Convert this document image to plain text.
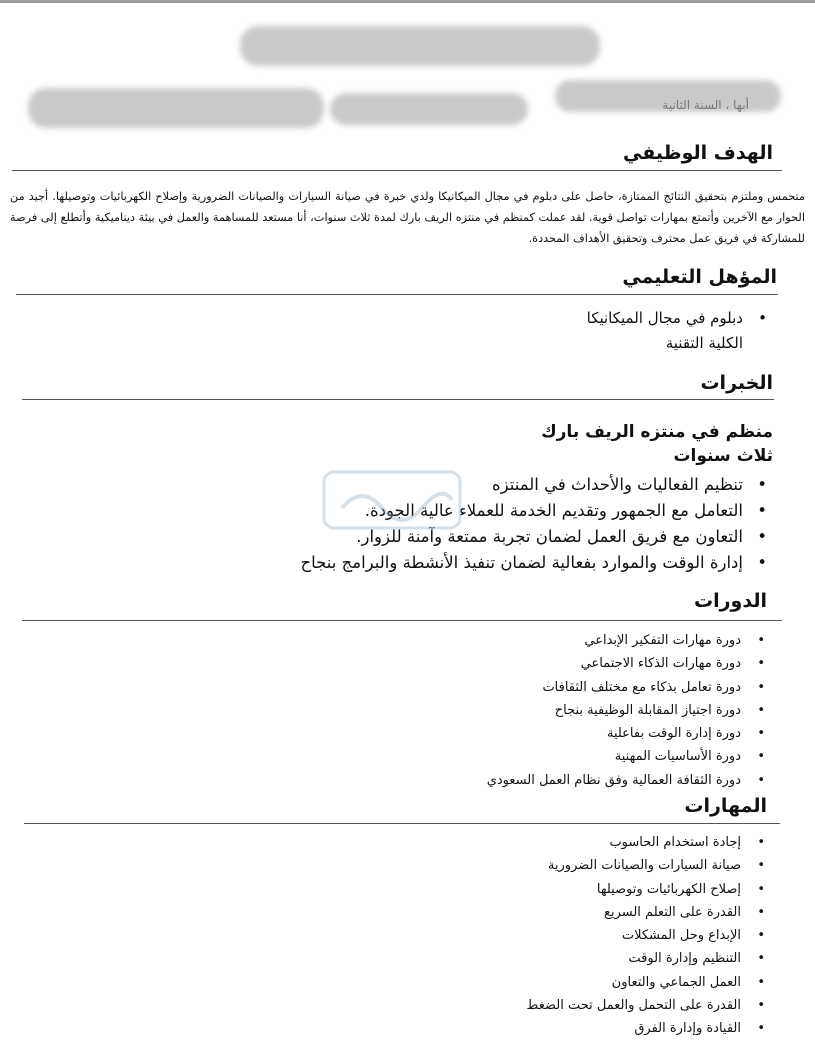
أبها ، السنة الثانية
الهدف الوظيفي

متحمس وملتزم بتحقيق النتائج الممتازة، حاصل على دبلوم في مجال الميكانيكا ولدي خبرة في صيانة السيارات والصيانات الضرورية وإصلاح الكهربائيات وتوصيلها. أجيد من الحوار مع الآخرين وأتمتع بمهارات تواصل قوية. لقد عملت كمنظم في منتزه الريف بارك لمدة ثلاث سنوات، أنا مستعد للمساهمة والعمل في بيئة ديناميكية وأتطلع إلى فرصة للمشاركة في فريق عمل محترف وتحقيق الأهداف المحددة.

المؤهل التعليمي
•
دبلوم في مجال الميكانيكا
الكلية التقنية
الخبرات
منظم في منتزه الريف بارك
ثلاث سنوات
•
تنظيم الفعاليات والأحداث في المنتزه
•
التعامل مع الجمهور وتقديم الخدمة للعملاء عالية الجودة.
•
التعاون مع فريق العمل لضمان تجربة ممتعة وآمنة للزوار.
•
إدارة الوقت والموارد بفعالية لضمان تنفيذ الأنشطة والبرامج بنجاح
الدورات
•
دورة مهارات التفكير الإبداعي
•
دورة مهارات الذكاء الاجتماعي
•
دورة تعامل بذكاء مع مختلف الثقافات
•
دورة اجتياز المقابلة الوظيفية بنجاح
•
دورة إدارة الوقت بفاعلية
•
دورة الأساسيات المهنية
•
دورة الثقافة العمالية وفق نظام العمل السعودي
المهارات
•
إجادة استخدام الحاسوب
•
صيانة السيارات والصيانات الضرورية
•
إصلاح الكهربائيات وتوصيلها
•
القدرة على التعلم السريع
•
الإبداع وحل المشكلات
•
التنظيم وإدارة الوقت
•
العمل الجماعي والتعاون
•
القدرة على التحمل والعمل تحت الضغط
•
القيادة وإدارة الفرق
